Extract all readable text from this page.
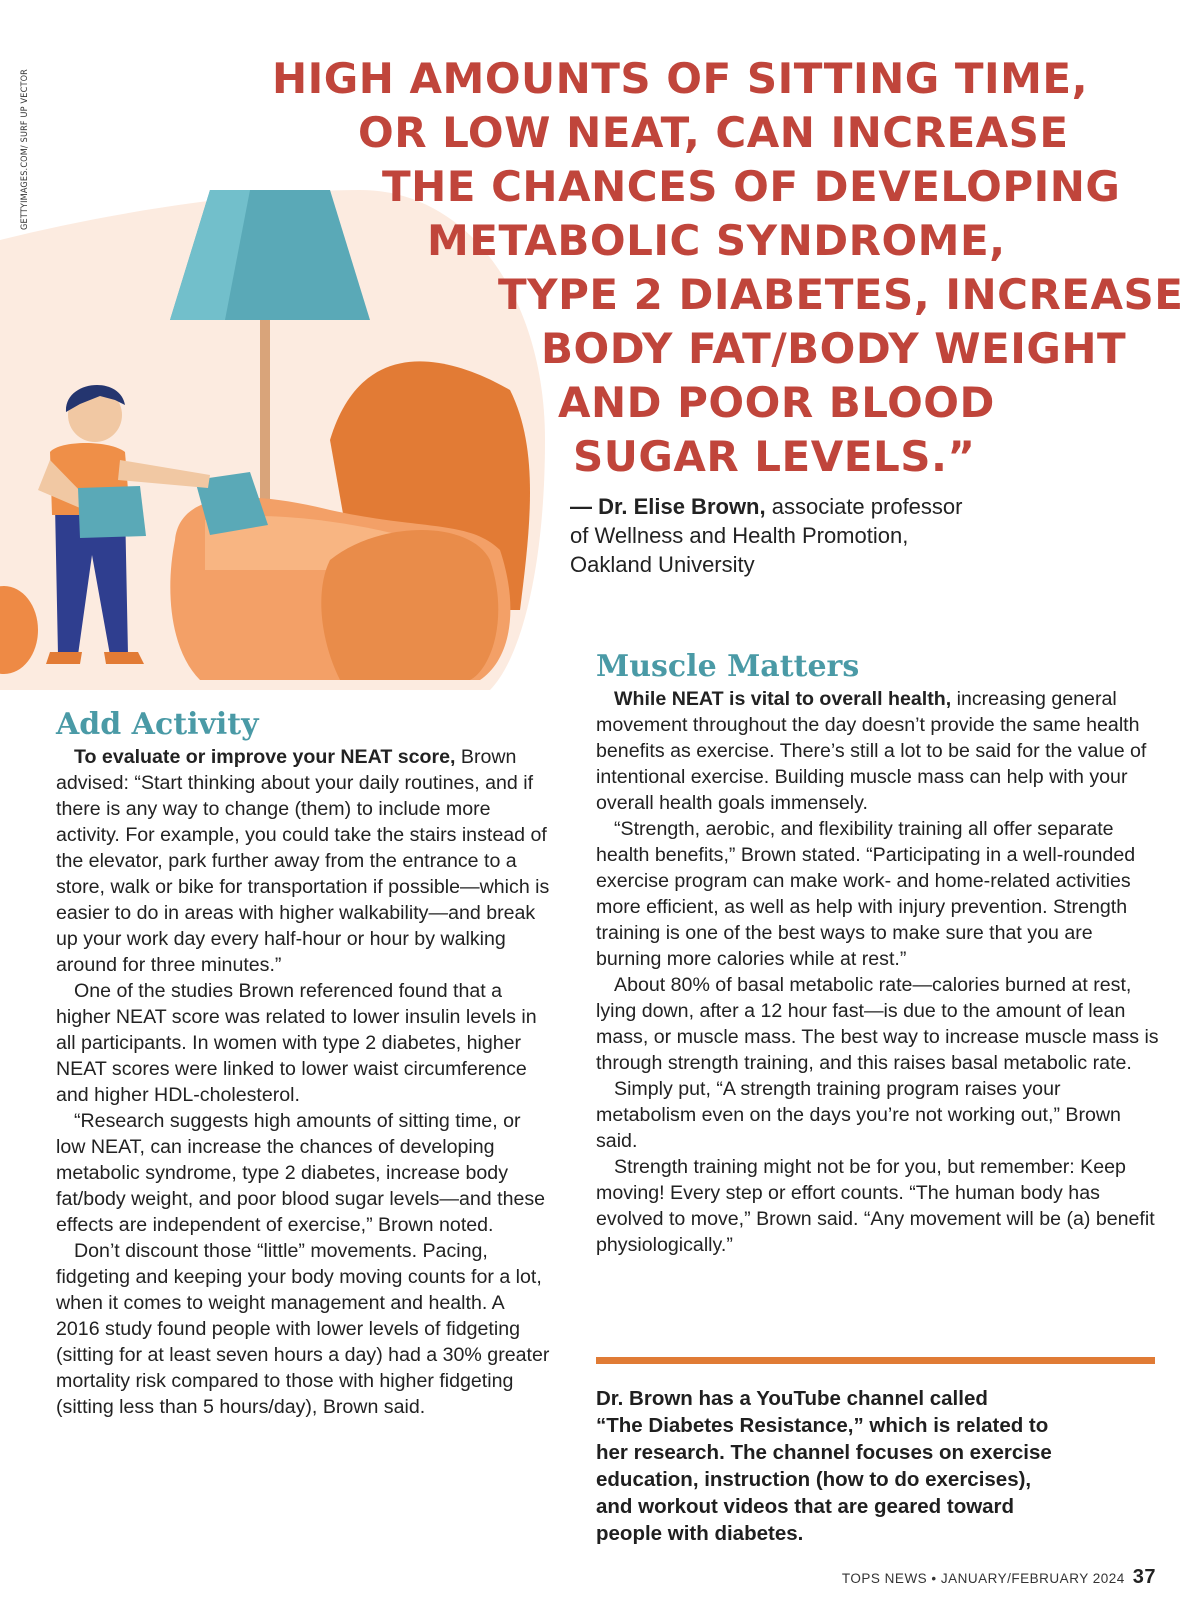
GETTYIMAGES.COM/ SURF UP VECTOR	HIGH AMOUNTS OF SITTING TIME,
OR LOW NEAT, CAN INCREASE
THE CHANCES OF DEVELOPING
METABOLIC SYNDROME,
TYPE 2 DIABETES, INCREASE
BODY FAT/BODY WEIGHT
AND POOR BLOOD
SUGAR LEVELS.”
— Dr. Elise Brown, associate professor
of Wellness and Health Promotion,
Oakland University
Add Activity

To evaluate or improve your NEAT score, Brown advised: “Start thinking about your daily routines, and if there is any way to change (them) to include more activity. For example, you could take the stairs instead of the elevator, park further away from the entrance to a store, walk or bike for transportation if possible—which is easier to do in areas with higher walkability—and break up your work day every half-hour or hour by walking around for three minutes.”

One of the studies Brown referenced found that a higher NEAT score was related to lower insulin levels in all participants. In women with type 2 diabetes, higher NEAT scores were linked to lower waist circumference and higher HDL-cholesterol.

“Research suggests high amounts of sitting time, or low NEAT, can increase the chances of developing metabolic syndrome, type 2 diabetes, increase body fat/body weight, and poor blood sugar levels—and these effects are independent of exercise,” Brown noted.

Don’t discount those “little” movements. Pacing, fidgeting and keeping your body moving counts for a lot, when it comes to weight management and health. A 2016 study found people with lower levels of fidgeting (sitting for at least seven hours a day) had a 30% greater mortality risk compared to those with higher fidgeting (sitting less than 5 hours/day), Brown said.

Muscle Matters

While NEAT is vital to overall health, increasing general movement throughout the day doesn’t provide the same health benefits as exercise. There’s still a lot to be said for the value of intentional exercise. Building muscle mass can help with your overall health goals immensely.

“Strength, aerobic, and flexibility training all offer separate health benefits,” Brown stated. “Participating in a well-rounded exercise program can make work- and home-related activities more efficient, as well as help with injury prevention. Strength training is one of the best ways to make sure that you are burning more calories while at rest.”

About 80% of basal metabolic rate—calories burned at rest, lying down, after a 12 hour fast—is due to the amount of lean mass, or muscle mass. The best way to increase muscle mass is through strength training, and this raises basal metabolic rate.

Simply put, “A strength training program raises your metabolism even on the days you’re not working out,” Brown said.

Strength training might not be for you, but remember: Keep moving! Every step or effort counts. “The human body has evolved to move,” Brown said. “Any movement will be (a) benefit physiologically.”

Dr. Brown has a YouTube channel called
“The Diabetes Resistance,” which is related to
her research. The channel focuses on exercise
education, instruction (how to do exercises),
and workout videos that are geared toward
people with diabetes.
TOPS NEWS • JANUARY/FEBRUARY 2024 37
